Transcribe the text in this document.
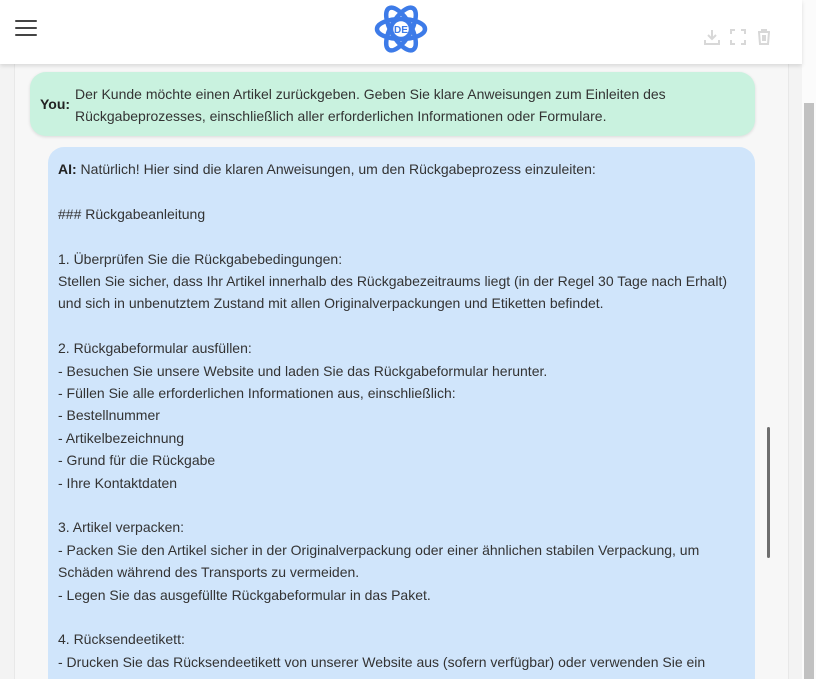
DE
You:
Der Kunde möchte einen Artikel zurückgeben. Geben Sie klare Anweisungen zum Einleiten des Rückgabeprozesses, einschließlich aller erforderlichen Informationen oder Formulare.

AI: Natürlich! Hier sind die klaren Anweisungen, um den Rückgabeprozess einzuleiten:

### Rückgabeanleitung

1. Überprüfen Sie die Rückgabebedingungen:

Stellen Sie sicher, dass Ihr Artikel innerhalb des Rückgabezeitraums liegt (in der Regel 30 Tage nach Erhalt)

und sich in unbenutztem Zustand mit allen Originalverpackungen und Etiketten befindet.

2. Rückgabeformular ausfüllen:

- Besuchen Sie unsere Website und laden Sie das Rückgabeformular herunter.

- Füllen Sie alle erforderlichen Informationen aus, einschließlich:

- Bestellnummer

- Artikelbezeichnung

- Grund für die Rückgabe

- Ihre Kontaktdaten

3. Artikel verpacken:

- Packen Sie den Artikel sicher in der Originalverpackung oder einer ähnlichen stabilen Verpackung, um

Schäden während des Transports zu vermeiden.

- Legen Sie das ausgefüllte Rückgabeformular in das Paket.

4. Rücksendeetikett:

- Drucken Sie das Rücksendeetikett von unserer Website aus (sofern verfügbar) oder verwenden Sie ein
